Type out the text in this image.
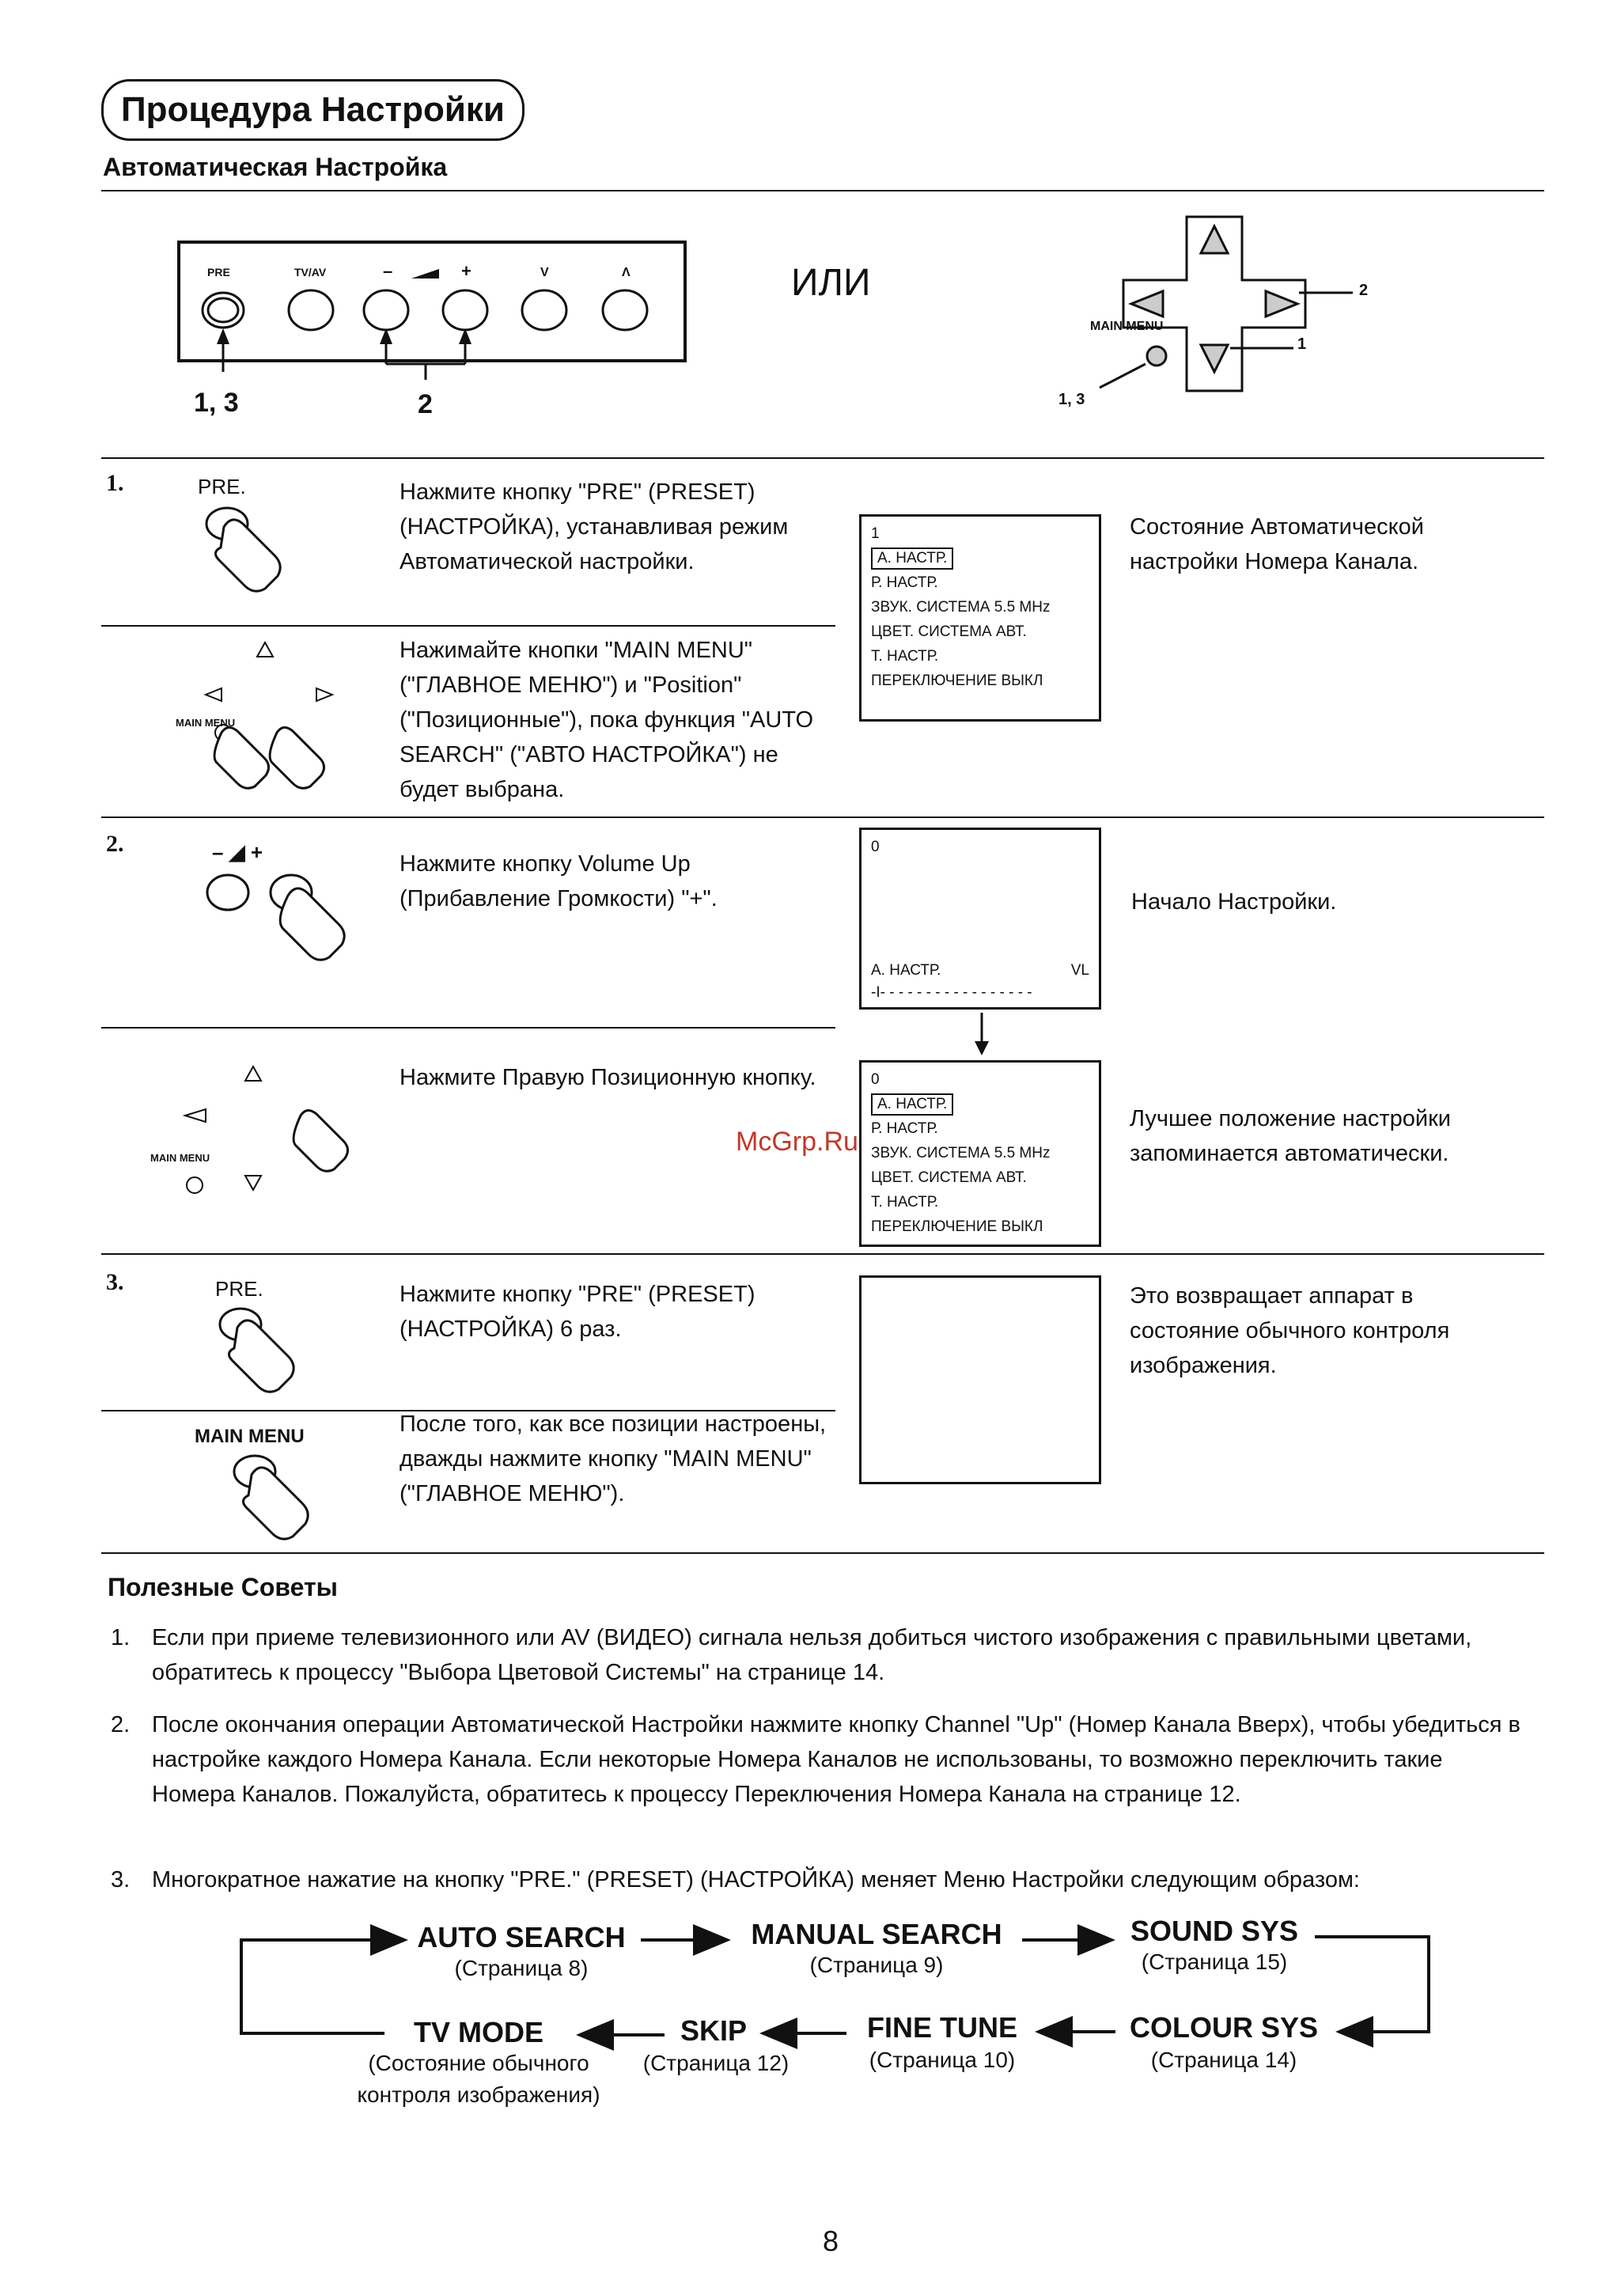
Процедура Настройки
Автоматическая Настройка
PRE	TV/AV	–	+	V	Λ
1, 3	2
ИЛИ
MAIN MENU
1
2
1, 3
1.	PRE.	Нажмите кнопку "PRE" (PRESET) (НАСТРОЙКА), устанавливая режим Автоматической настройки.
MAIN MENU
Нажимайте кнопки "MAIN MENU" ("ГЛАВНОЕ МЕНЮ") и "Position" ("Позиционные"), пока функция "AUTO SEARCH" ("АВТО НАСТРОЙКА") не будет выбрана.
1
А. НАСТР.
Р. НАСТР.
ЗВУК. СИСТЕМА 5.5 MHz
ЦВЕТ. СИСТЕМА АВТ.
Т. НАСТР.
ПЕРЕКЛЮЧЕНИЕ ВЫКЛ
Состояние Автоматической настройки Номера Канала.
2.	– ◢ +	Нажмите кнопку Volume Up (Прибавление Громкости) "+".
0
А. НАСТР.	VL
-I- - - - - - - - - - - - - - - - -
Начало Настройки.
MAIN MENU
Нажмите Правую Позиционную кнопку.	0
А. НАСТР.
Р. НАСТР.
ЗВУК. СИСТЕМА 5.5 MHz
ЦВЕТ. СИСТЕМА АВТ.
Т. НАСТР.
ПЕРЕКЛЮЧЕНИЕ ВЫКЛ
Лучшее положение настройки запоминается автоматически.
3.	PRE.	Нажмите кнопку "PRE" (PRESET) (НАСТРОЙКА) 6 раз.
MAIN MENU	После того, как все позиции настроены, дважды нажмите кнопку "MAIN MENU" ("ГЛАВНОЕ МЕНЮ").
Это возвращает аппарат в состояние обычного контроля изображения.
Полезные Советы
1. Если при приеме телевизионного или AV (ВИДЕО) сигнала нельзя добиться чистого изображения с правильными цветами, обратитесь к процессу "Выбора Цветовой Системы" на странице 14.
2. После окончания операции Автоматической Настройки нажмите кнопку Channel "Up" (Номер Канала Вверх), чтобы убедиться в настройке каждого Номера Канала. Если некоторые Номера Каналов не использованы, то возможно переключить такие Номера Каналов. Пожалуйста, обратитесь к процессу Переключения Номера Канала на странице 12.
3. Многократное нажатие на кнопку "PRE." (PRESET) (НАСТРОЙКА) меняет Меню Настройки следующим образом:
AUTO SEARCH
(Страница 8)
MANUAL SEARCH
(Страница 9)
SOUND SYS
(Страница 15)
COLOUR SYS
(Страница 14)
FINE TUNE
(Страница 10)
SKIP
(Страница 12)
TV MODE
(Состояние обычного
контроля изображения)
McGrp.Ru
8
